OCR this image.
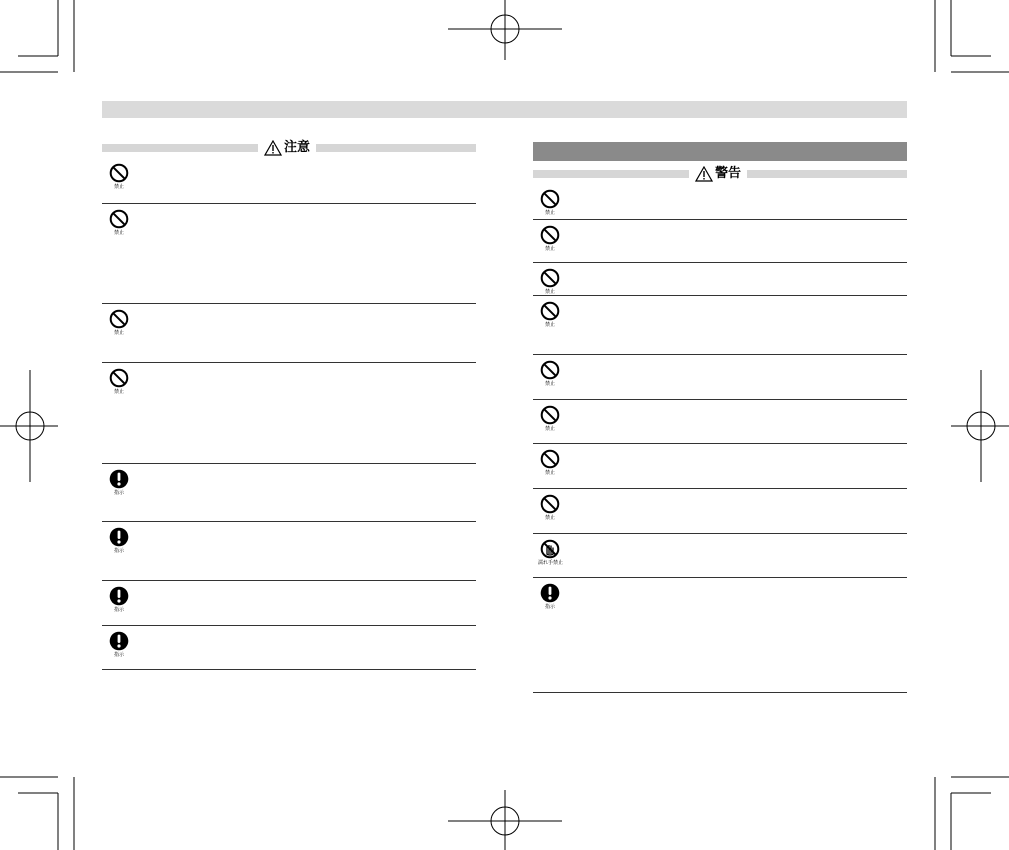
注意
禁止
禁止
禁止
禁止
指示
指示
指示
指示
警告
禁止
禁止
禁止
禁止
禁止
禁止
禁止
禁止
濡れ手禁止
指示
